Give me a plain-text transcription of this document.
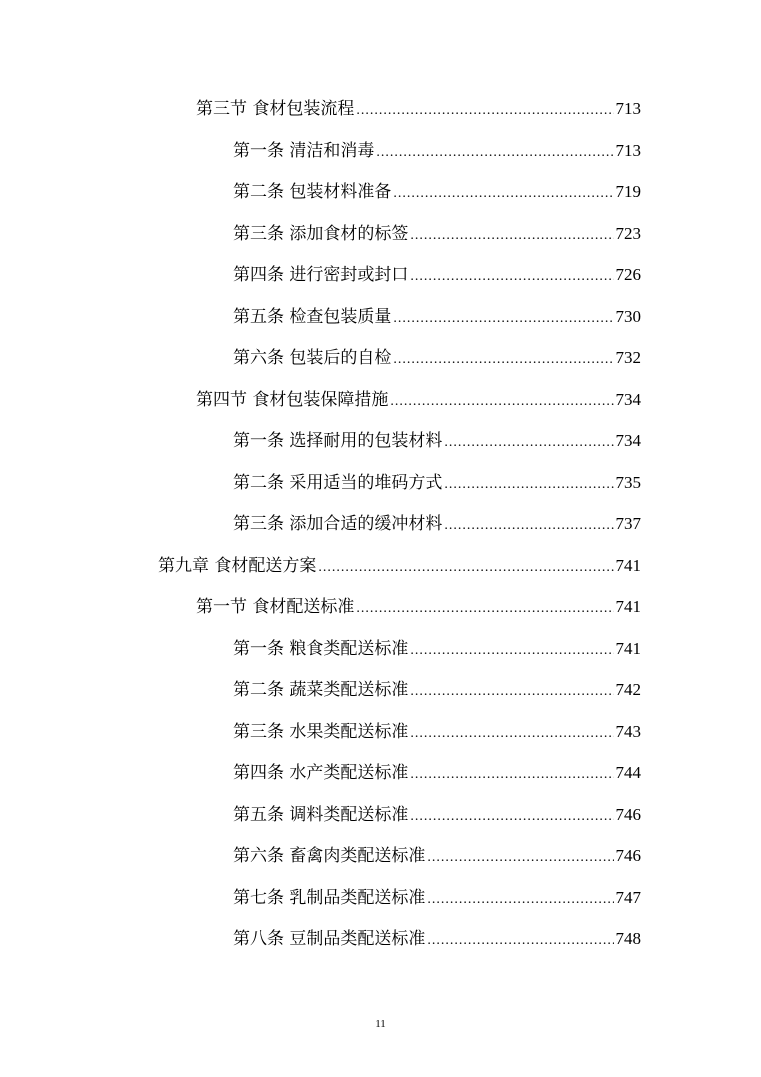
第三节 食材包装流程 .....	713
第一条 清洁和消毒 .....	713
第二条 包装材料准备 .....	719
第三条 添加食材的标签 .....	723
第四条 进行密封或封口 .....	726
第五条 检查包装质量 .....	730
第六条 包装后的自检 .....	732
第四节 食材包装保障措施 .....	734
第一条 选择耐用的包装材料 .....	734
第二条 采用适当的堆码方式 .....	735
第三条 添加合适的缓冲材料 .....	737
第九章 食材配送方案 .....	741
第一节 食材配送标准 .....	741
第一条 粮食类配送标准 .....	741
第二条 蔬菜类配送标准 .....	742
第三条 水果类配送标准 .....	743
第四条 水产类配送标准 .....	744
第五条 调料类配送标准 .....	746
第六条 畜禽肉类配送标准 .....	746
第七条 乳制品类配送标准 .....	747
第八条 豆制品类配送标准 .....	748
11
